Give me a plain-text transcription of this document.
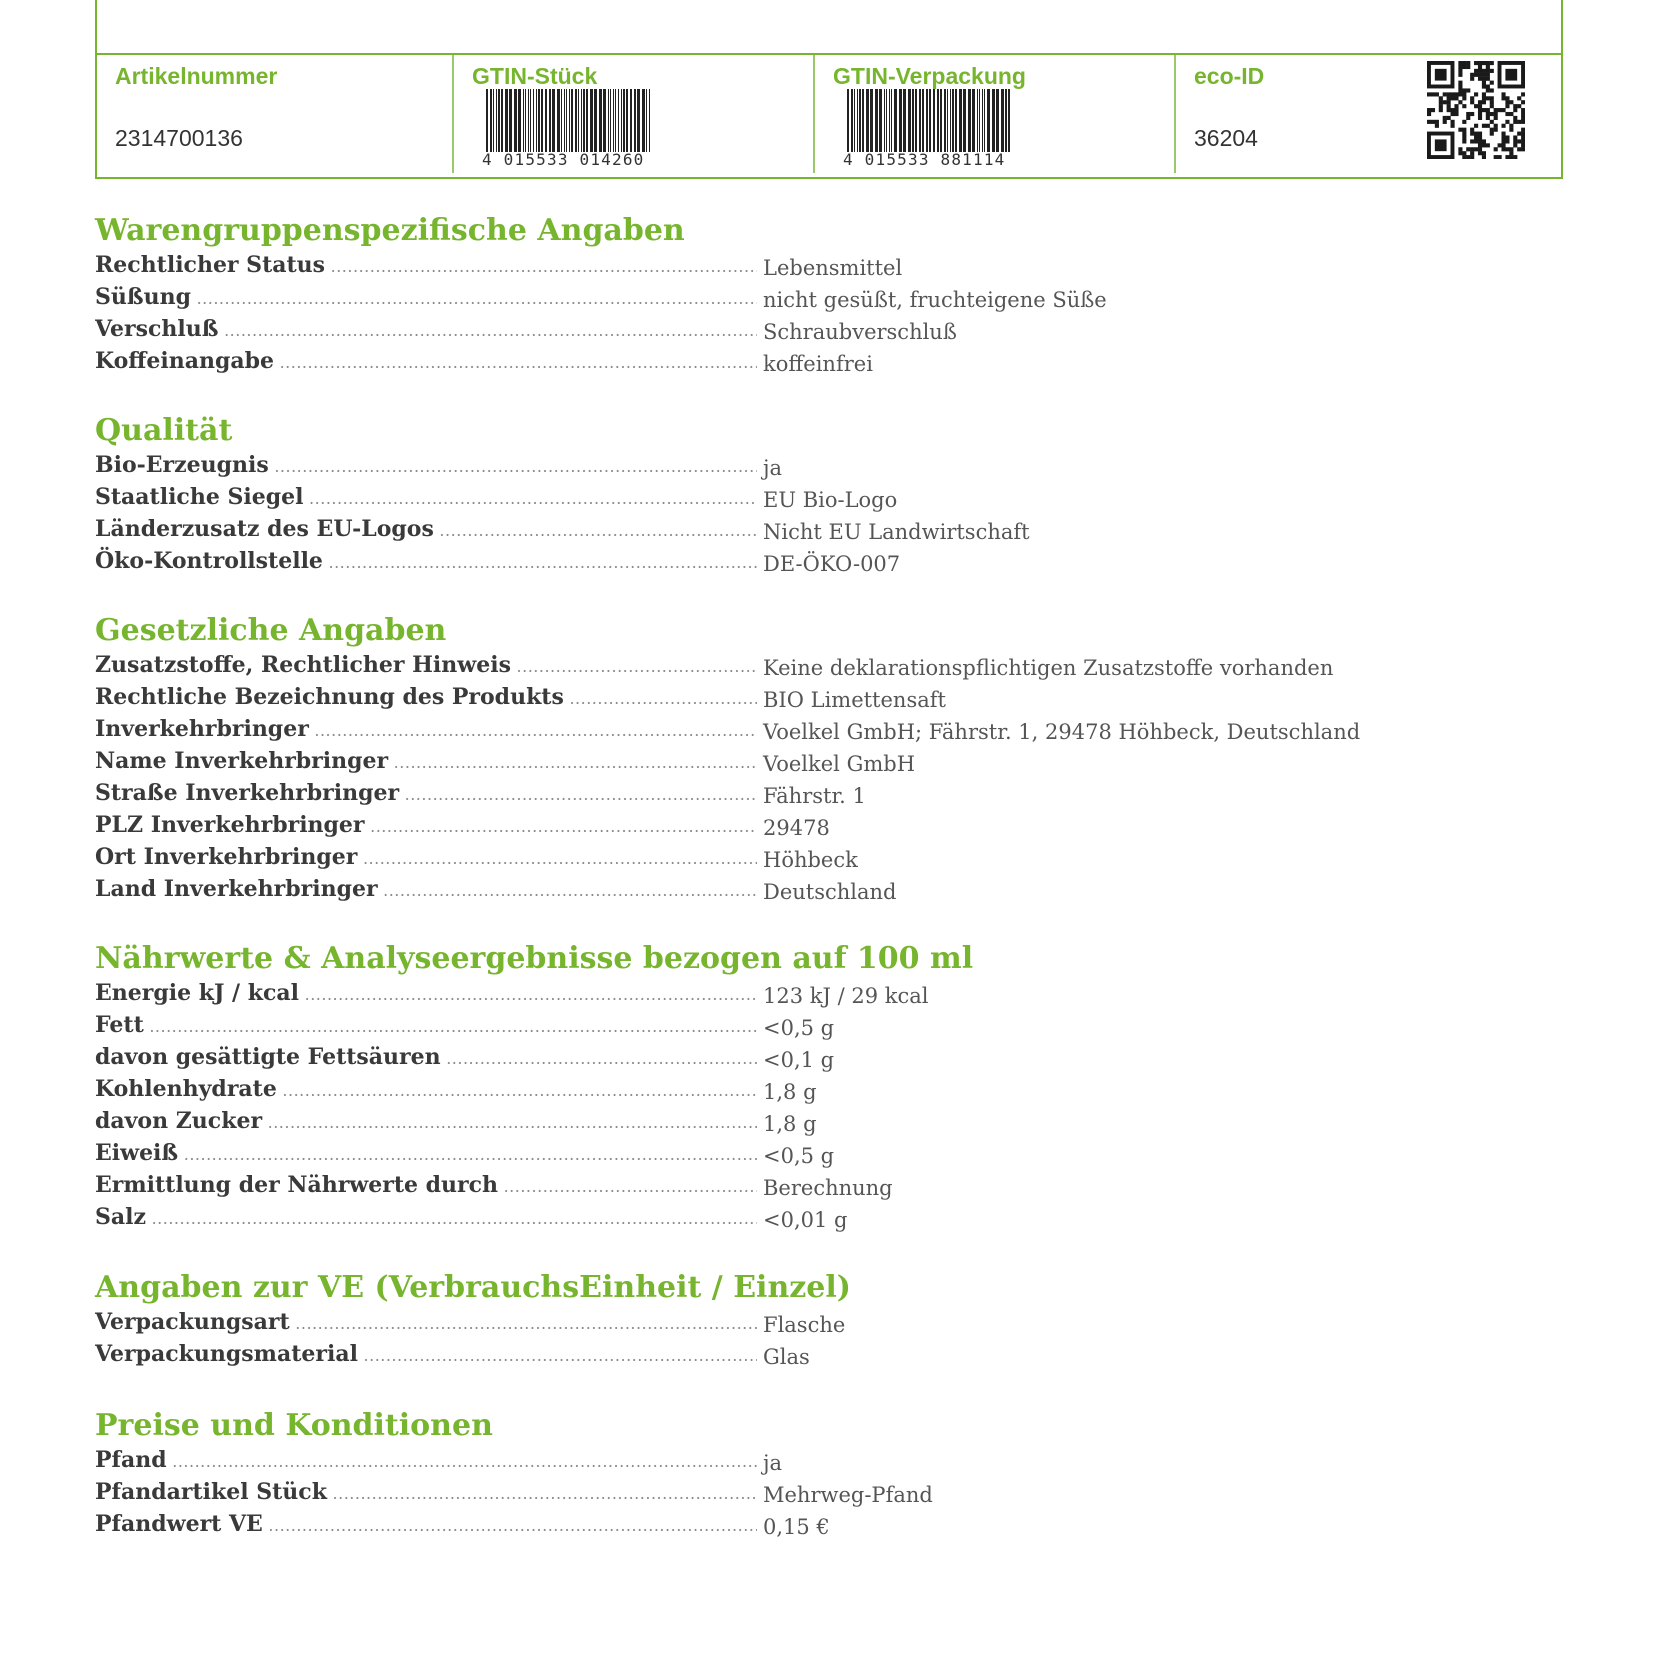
Artikelnummer
2314700136
GTIN-Stück
4 015533 014260
GTIN-Verpackung
4 015533 881114
eco-ID
36204
Warengruppenspezifische Angaben
Rechtlicher Status .....	Lebensmittel
Süßung .....	nicht gesüßt, fruchteigene Süße
Verschluß .....	Schraubverschluß
Koffeinangabe .....	koffeinfrei
Qualität
Bio-Erzeugnis .....	ja
Staatliche Siegel .....	EU Bio-Logo
Länderzusatz des EU-Logos .....	Nicht EU Landwirtschaft
Öko-Kontrollstelle .....	DE-ÖKO-007
Gesetzliche Angaben
Zusatzstoffe, Rechtlicher Hinweis .....	Keine deklarationspflichtigen Zusatzstoffe vorhanden
Rechtliche Bezeichnung des Produkts .....	BIO Limettensaft
Inverkehrbringer .....	Voelkel GmbH; Fährstr. 1, 29478 Höhbeck, Deutschland
Name Inverkehrbringer .....	Voelkel GmbH
Straße Inverkehrbringer .....	Fährstr. 1
PLZ Inverkehrbringer .....	29478
Ort Inverkehrbringer .....	Höhbeck
Land Inverkehrbringer .....	Deutschland
Nährwerte & Analyseergebnisse bezogen auf 100 ml
Energie kJ / kcal .....	123 kJ / 29 kcal
Fett .....	<0,5 g
davon gesättigte Fettsäuren .....	<0,1 g
Kohlenhydrate .....	1,8 g
davon Zucker .....	1,8 g
Eiweiß .....	<0,5 g
Ermittlung der Nährwerte durch .....	Berechnung
Salz .....	<0,01 g
Angaben zur VE (VerbrauchsEinheit / Einzel)
Verpackungsart .....	Flasche
Verpackungsmaterial .....	Glas
Preise und Konditionen
Pfand .....	ja
Pfandartikel Stück .....	Mehrweg-Pfand
Pfandwert VE .....	0,15 €
